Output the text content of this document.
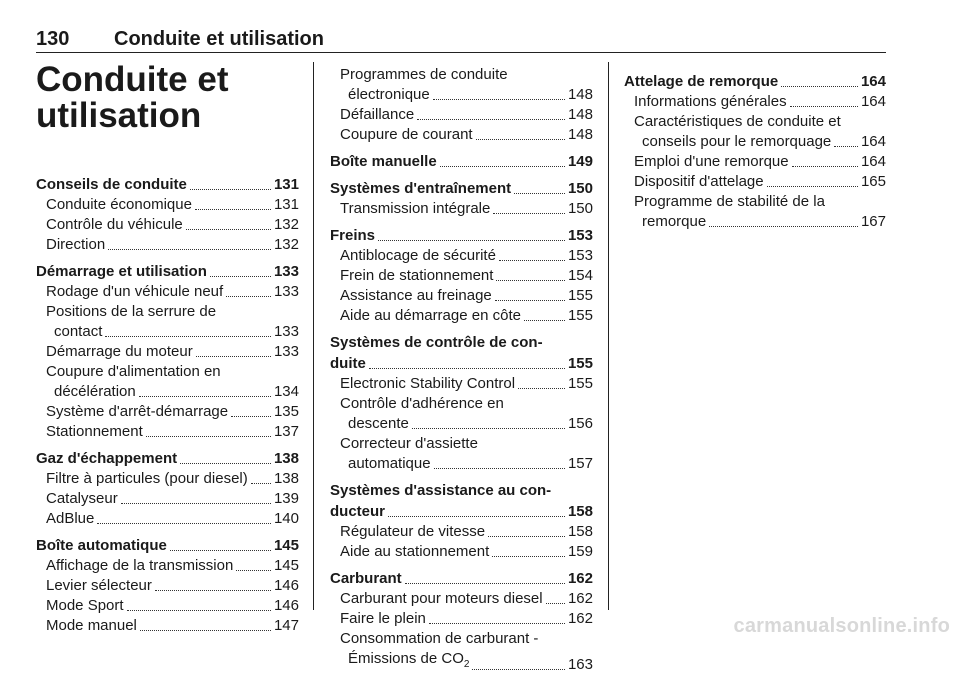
130 Conduite et utilisation
Conduite et
utilisation
Conseils de conduite	131
Conduite économique	131
Contrôle du véhicule	132
Direction	132
Démarrage et utilisation	133
Rodage d'un véhicule neuf	133
Positions de la serrure de
contact	133
Démarrage du moteur	133
Coupure d'alimentation en
décélération	134
Système d'arrêt-démarrage	135
Stationnement	137
Gaz d'échappement	138
Filtre à particules (pour diesel) 138
Catalyseur	139
AdBlue	140
Boîte automatique	145
Affichage de la transmission	145
Levier sélecteur	146
Mode Sport	146
Mode manuel	147
Programmes de conduite
électronique	148
Défaillance	148
Coupure de courant	148
Boîte manuelle	149
Systèmes d'entraînement	150
Transmission intégrale	150
Freins	153
Antiblocage de sécurité	153
Frein de stationnement	154
Assistance au freinage	155
Aide au démarrage en côte	155
Systèmes de contrôle de con-
duite	155
Electronic Stability Control	155
Contrôle d'adhérence en
descente	156
Correcteur d'assiette
automatique	157
Systèmes d'assistance au con-
ducteur	158
Régulateur de vitesse	158
Aide au stationnement	159
Carburant	162
Carburant pour moteurs diesel 162
Faire le plein	162
Consommation de carburant -
Émissions de $CO_2$	163
Attelage de remorque	164
Informations générales	164
Caractéristiques de conduite et
conseils pour le remorquage 164
Emploi d'une remorque	164
Dispositif d'attelage	165
Programme de stabilité de la
remorque	167
carmanualsonline.info
